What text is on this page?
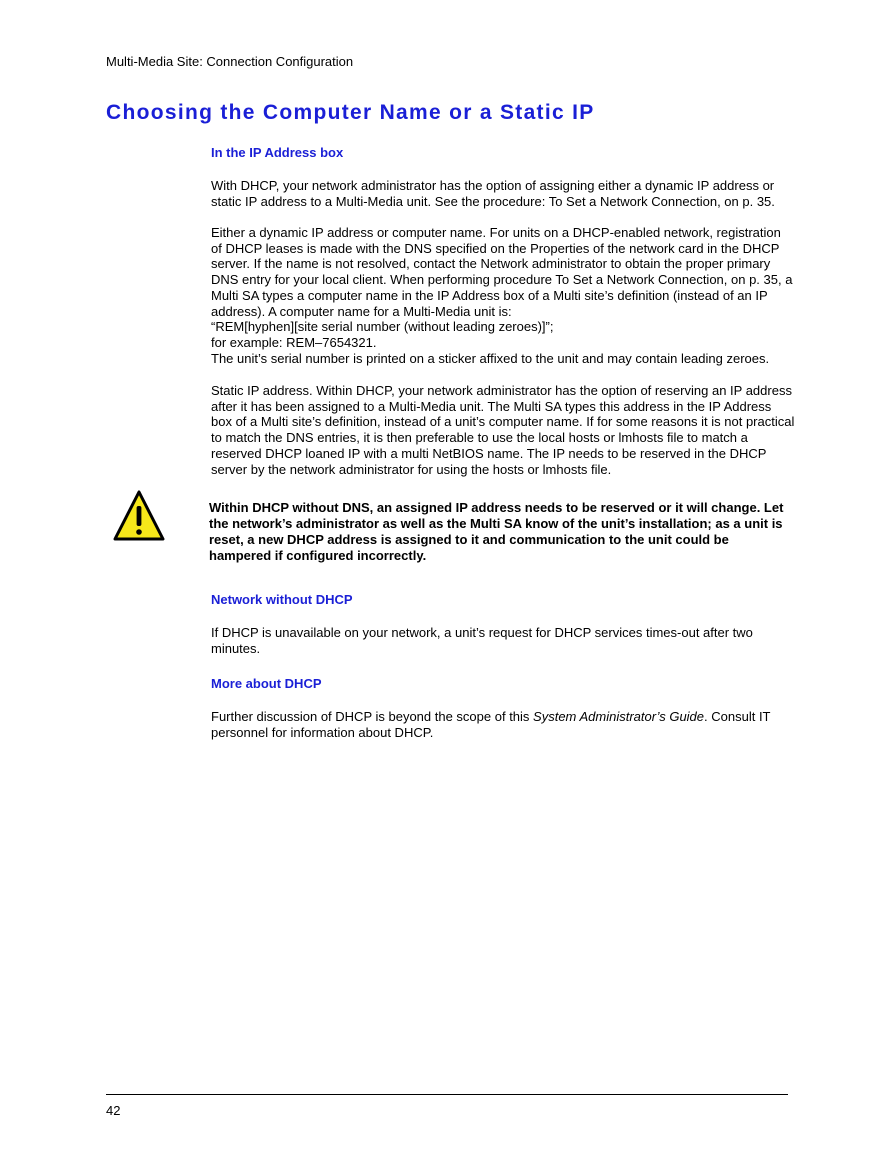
Multi-Media Site: Connection Configuration
Choosing the Computer Name or a Static IP
In the IP Address box

With DHCP, your network administrator has the option of assigning either a dynamic IP address or static IP address to a Multi-Media unit. See the procedure: To Set a Network Connection, on p. 35.

Either a dynamic IP address or computer name. For units on a DHCP-enabled network, registration of DHCP leases is made with the DNS specified on the Properties of the network card in the DHCP server. If the name is not resolved, contact the Network administrator to obtain the proper primary DNS entry for your local client. When performing procedure To Set a Network Connection, on p. 35, a Multi SA types a computer name in the IP Address box of a Multi site’s definition (instead of an IP address). A computer name for a Multi-Media unit is:

“REM[hyphen][site serial number (without leading zeroes)]”;

for example: REM–7654321.

The unit’s serial number is printed on a sticker affixed to the unit and may contain leading zeroes.

Static IP address. Within DHCP, your network administrator has the option of reserving an IP address after it has been assigned to a Multi-Media unit. The Multi SA types this address in the IP Address box of a Multi site’s definition, instead of a unit’s computer name. If for some reasons it is not practical to match the DNS entries, it is then preferable to use the local hosts or lmhosts file to match a reserved DHCP loaned IP with a multi NetBIOS name. The IP needs to be reserved in the DHCP server by the network administrator for using the hosts or lmhosts file.

Within DHCP without DNS, an assigned IP address needs to be reserved or it will change. Let the network’s administrator as well as the Multi SA know of the unit’s installation; as a unit is reset, a new DHCP address is assigned to it and communication to the unit could be hampered if configured incorrectly.

Network without DHCP

If DHCP is unavailable on your network, a unit’s request for DHCP services times-out after two minutes.

More about DHCP

Further discussion of DHCP is beyond the scope of this System Administrator’s Guide. Consult IT personnel for information about DHCP.

42
